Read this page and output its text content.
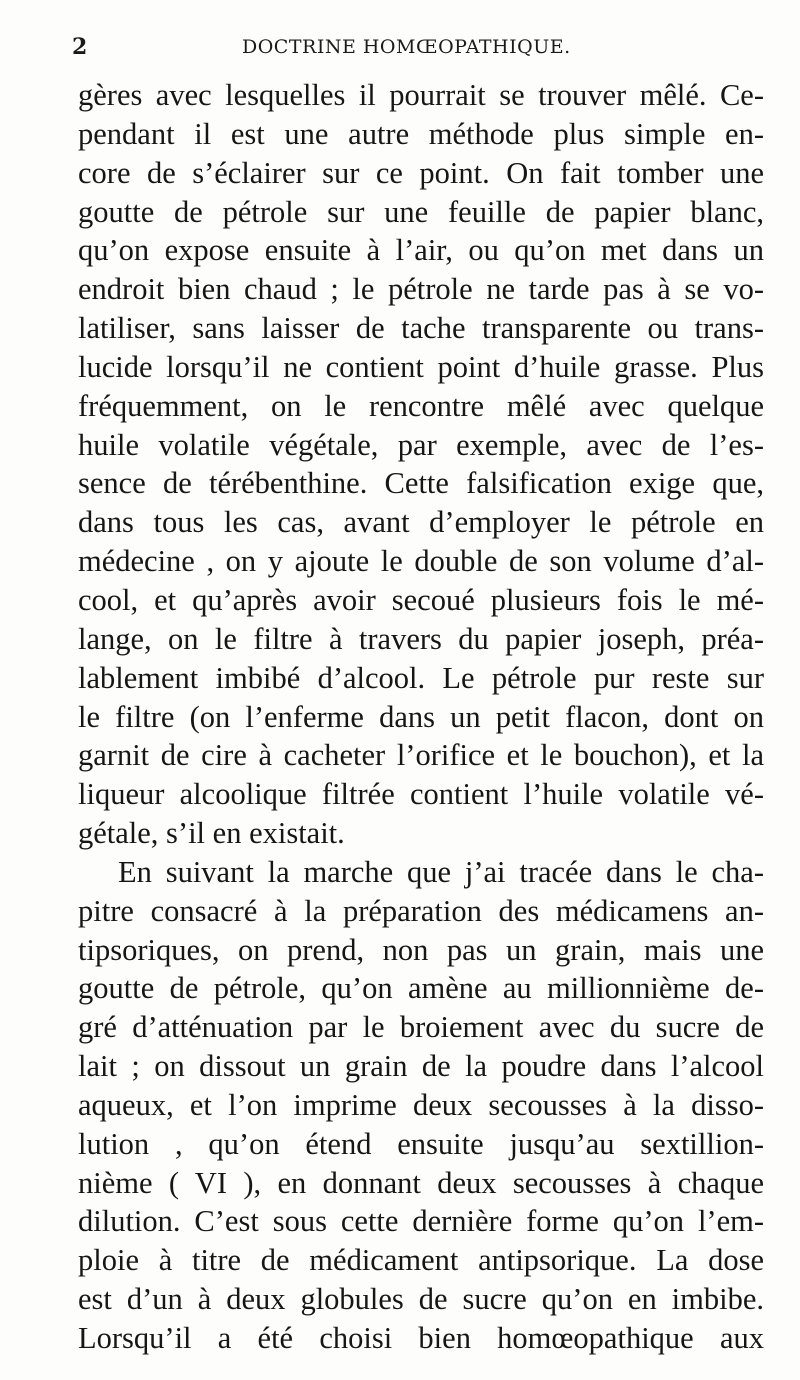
2	DOCTRINE HOMŒOPATHIQUE.
gères avec lesquelles il pourrait se trouver mêlé. Ce-
pendant il est une autre méthode plus simple en-
core de s’éclairer sur ce point. On fait tomber une
goutte de pétrole sur une feuille de papier blanc,
qu’on expose ensuite à l’air, ou qu’on met dans un
endroit bien chaud ; le pétrole ne tarde pas à se vo-
latiliser, sans laisser de tache transparente ou trans-
lucide lorsqu’il ne contient point d’huile grasse. Plus
fréquemment, on le rencontre mêlé avec quelque
huile volatile végétale, par exemple, avec de l’es-
sence de térébenthine. Cette falsification exige que,
dans tous les cas, avant d’employer le pétrole en
médecine , on y ajoute le double de son volume d’al-
cool, et qu’après avoir secoué plusieurs fois le mé-
lange, on le filtre à travers du papier joseph, préa-
lablement imbibé d’alcool. Le pétrole pur reste sur
le filtre (on l’enferme dans un petit flacon, dont on
garnit de cire à cacheter l’orifice et le bouchon), et la
liqueur alcoolique filtrée contient l’huile volatile vé-
gétale, s’il en existait.
En suivant la marche que j’ai tracée dans le cha-
pitre consacré à la préparation des médicamens an-
tipsoriques, on prend, non pas un grain, mais une
goutte de pétrole, qu’on amène au millionnième de-
gré d’atténuation par le broiement avec du sucre de
lait ; on dissout un grain de la poudre dans l’alcool
aqueux, et l’on imprime deux secousses à la disso-
lution , qu’on étend ensuite jusqu’au sextillion-
nième ( VI ), en donnant deux secousses à chaque
dilution. C’est sous cette dernière forme qu’on l’em-
ploie à titre de médicament antipsorique. La dose
est d’un à deux globules de sucre qu’on en imbibe.
Lorsqu’il a été choisi bien homœopathique aux
